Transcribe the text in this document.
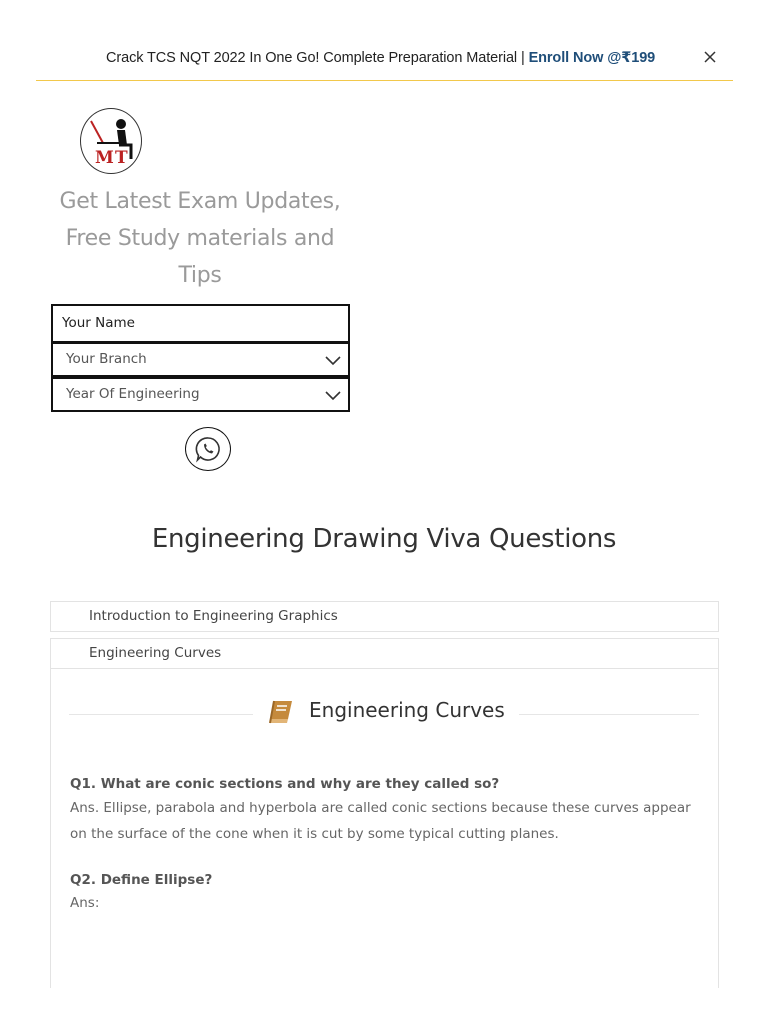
Crack TCS NQT 2022 In One Go! Complete Preparation Material | Enroll Now @₹199
M T
Get Latest Exam Updates, Free Study materials and Tips
Your Name
Your Branch
Year Of Engineering
Engineering Drawing Viva Questions
Introduction to Engineering Graphics
Engineering Curves
Engineering Curves
Q1. What are conic sections and why are they called so?
Ans. Ellipse, parabola and hyperbola are called conic sections because these curves appear on the surface of the cone when it is cut by some typical cutting planes.
Q2. Define Ellipse?
Ans:
